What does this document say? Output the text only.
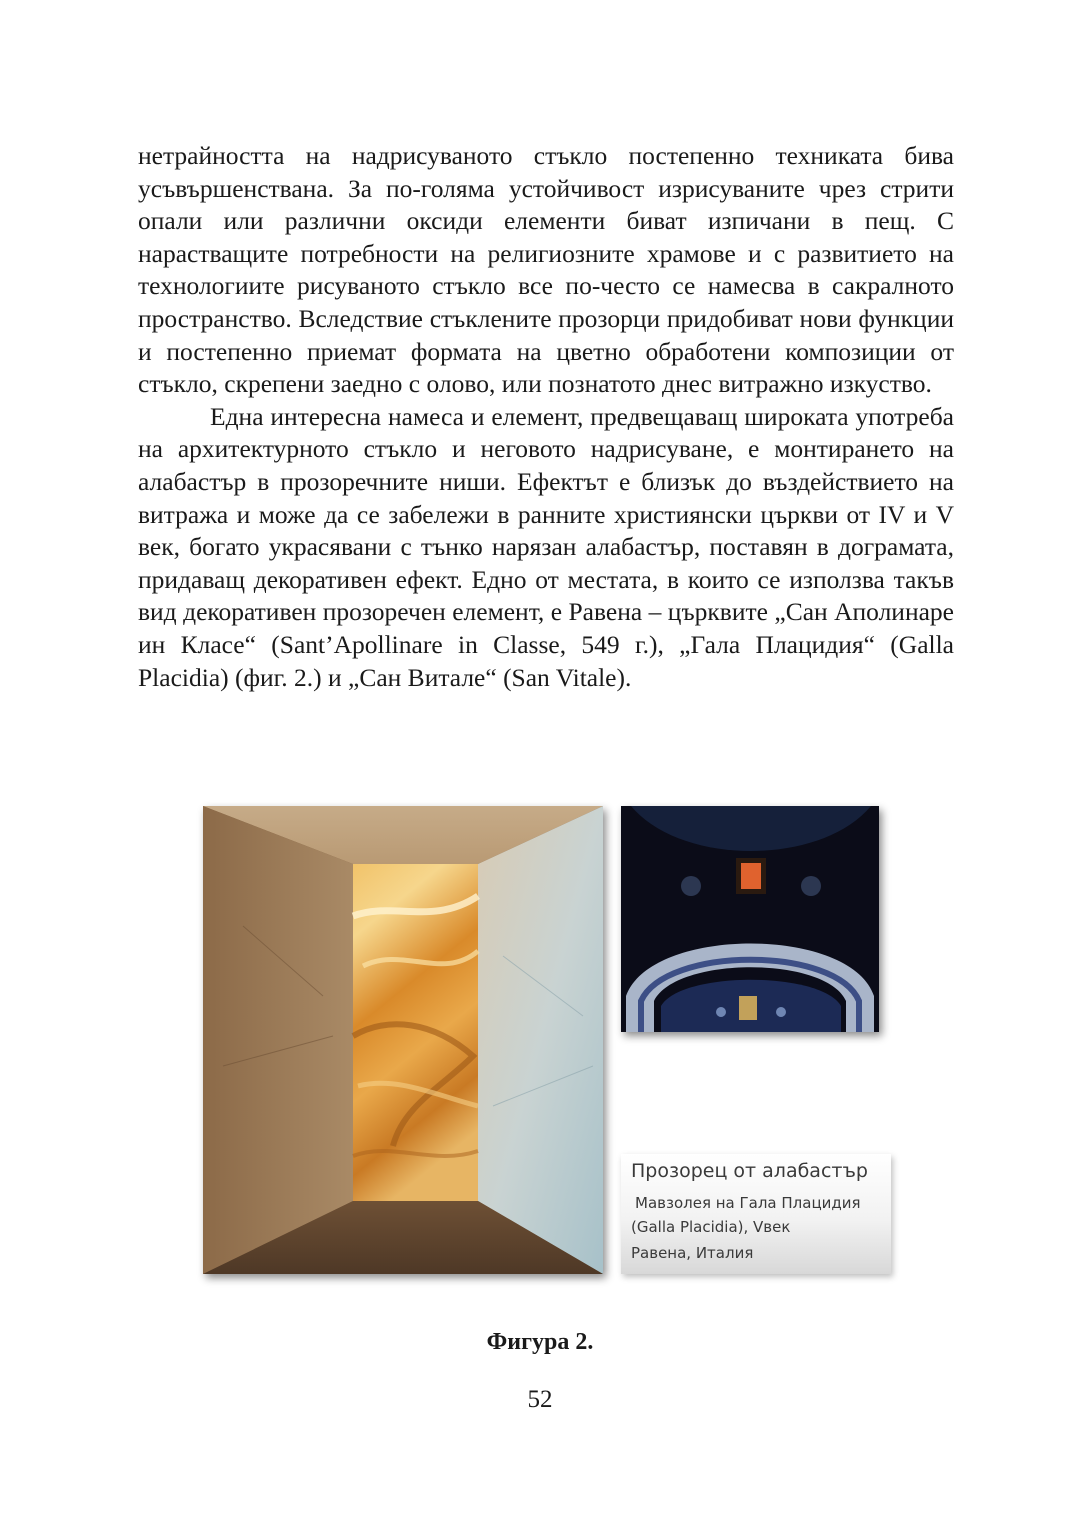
нетрайността на надрисуваното стъкло постепенно техниката бива усъвършенствана. За по-голяма устойчивост изрисуваните чрез стрити опали или различни оксиди елементи биват изпичани в пещ. С нарастващите потребности на религиозните храмове и с развитието на технологиите рисуваното стъкло все по-често се намесва в сакралното пространство. Вследствие стъклените прозорци придобиват нови функции и постепенно приемат формата на цветно обработени композиции от стъкло, скрепени заедно с олово, или познатото днес витражно изкуство.

Една интересна намеса и елемент, предвещаващ широката употреба на архитектурното стъкло и неговото надрисуване, е монтирането на алабастър в прозоречните ниши. Ефектът е близък до въздействието на витража и може да се забележи в ранните християнски църкви от IV и V век, богато украсявани с тънко нарязан алабастър, поставян в дограмата, придаващ декоративен ефект. Едно от местата, в които се използва такъв вид декоративен прозоречен елемент, е Равена – църквите „Сан Аполинаре ин Класе“ (Sant’Apollinare in Classe, 549 г.), „Гала Плацидия“ (Galla Placidia) (фиг. 2.) и „Сан Витале“ (San Vitale).

Прозорец от алабастър
Мавзолея на Гала Плацидия
(Galla Placidia), Vвек
Равена, Италия
Фигура 2.
52
